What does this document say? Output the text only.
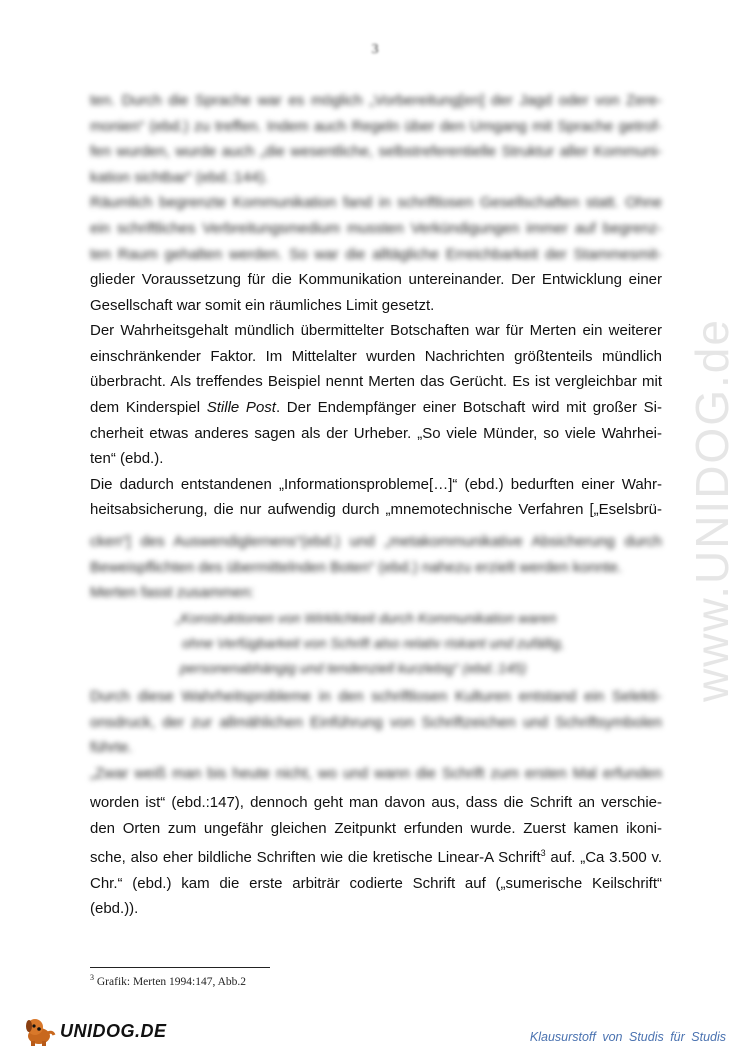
3
www.UNIDOG.de
ten. Durch die Sprache war es möglich „Vorbereitung[en] der Jagd oder von Zere-
monien“ (ebd.) zu treffen. Indem auch Regeln über den Umgang mit Sprache getrof-
fen wurden, wurde auch „die wesentliche, selbstreferentielle Struktur aller Kommuni-
kation sichtbar“ (ebd.:144).
Räumlich begrenzte Kommunikation fand in schriftlosen Gesellschaften statt. Ohne
ein schriftliches Verbreitungsmedium mussten Verkündigungen immer auf begrenz-
ten Raum gehalten werden. So war die alltägliche Erreichbarkeit der Stammesmit-
glieder Voraussetzung für die Kommunikation untereinander. Der Entwicklung einer
Gesellschaft war somit ein räumliches Limit gesetzt.
Der Wahrheitsgehalt mündlich übermittelter Botschaften war für Merten ein weiterer
einschränkender Faktor. Im Mittelalter wurden Nachrichten größtenteils mündlich
überbracht. Als treffendes Beispiel nennt Merten das Gerücht. Es ist vergleichbar mit
dem Kinderspiel Stille Post. Der Endempfänger einer Botschaft wird mit großer Si-
cherheit etwas anderes sagen als der Urheber. „So viele Münder, so viele Wahrhei-
ten“ (ebd.).
Die dadurch entstandenen „Informationsprobleme[…]“ (ebd.) bedurften einer Wahr-
heitsabsicherung, die nur aufwendig durch „mnemotechnische Verfahren [„Eselsbrü-
cken“] des Auswendiglernens“(ebd.) und „metakommunikative Absicherung durch
Beweispflichten des übermittelnden Boten“ (ebd.) nahezu erzielt werden konnte.
Merten fasst zusammen:
„Konstruktionen von Wirklichkeit durch Kommunikation waren
ohne Verfügbarkeit von Schrift also relativ riskant und zufällig,
personenabhängig und tendenziell kurzlebig“ (ebd.:145)
Durch diese Wahrheitsprobleme in den schriftlosen Kulturen entstand ein Selekti-
onsdruck, der zur allmählichen Einführung von Schriftzeichen und Schriftsymbolen
führte.
„Zwar weiß man bis heute nicht, wo und wann die Schrift zum ersten Mal erfunden
worden ist“ (ebd.:147), dennoch geht man davon aus, dass die Schrift an verschie-
den Orten zum ungefähr gleichen Zeitpunkt erfunden wurde. Zuerst kamen ikoni-
sche, also eher bildliche Schriften wie die kretische Linear-A Schrift$^3$ auf. „Ca 3.500 v.
Chr.“ (ebd.) kam die erste arbiträr codierte Schrift auf („sumerische Keilschrift“
(ebd.)).
$^3$ Grafik: Merten 1994:147, Abb.2
UNIDOG.DE	Klausurstoff von Studis für Studis
